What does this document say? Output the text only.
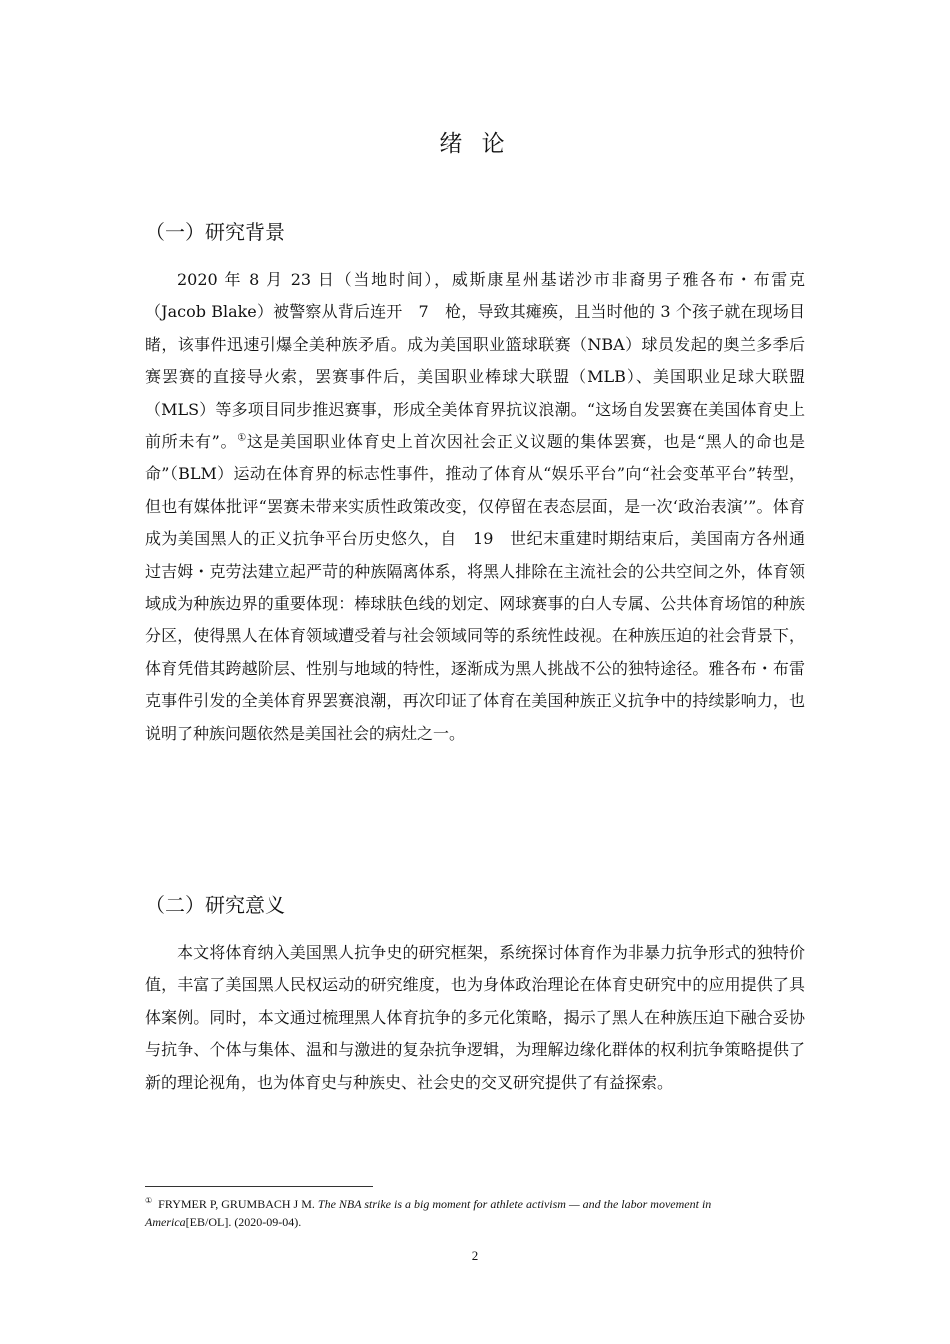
绪 论
（一）研究背景

2020 年 8 月 23 日（当地时间），威斯康星州基诺沙市非裔男子雅各布・布雷克（Jacob Blake）被警察从背后连开　7　枪，导致其瘫痪，且当时他的 3 个孩子就在现场目睹，该事件迅速引爆全美种族矛盾。成为美国职业篮球联赛（NBA）球员发起的奥兰多季后赛罢赛的直接导火索，罢赛事件后，美国职业棒球大联盟（MLB）、美国职业足球大联盟（MLS）等多项目同步推迟赛事，形成全美体育界抗议浪潮。“这场自发罢赛在美国体育史上前所未有”。①这是美国职业体育史上首次因社会正义议题的集体罢赛，也是“黑人的命也是命”（BLM）运动在体育界的标志性事件，推动了体育从“娱乐平台”向“社会变革平台”转型，但也有媒体批评“罢赛未带来实质性政策改变，仅停留在表态层面，是一次‘政治表演’”。体育成为美国黑人的正义抗争平台历史悠久，自　19　世纪末重建时期结束后，美国南方各州通过吉姆・克劳法建立起严苛的种族隔离体系，将黑人排除在主流社会的公共空间之外，体育领域成为种族边界的重要体现：棒球肤色线的划定、网球赛事的白人专属、公共体育场馆的种族分区，使得黑人在体育领域遭受着与社会领域同等的系统性歧视。在种族压迫的社会背景下，体育凭借其跨越阶层、性别与地域的特性，逐渐成为黑人挑战不公的独特途径。雅各布・布雷克事件引发的全美体育界罢赛浪潮，再次印证了体育在美国种族正义抗争中的持续影响力，也说明了种族问题依然是美国社会的病灶之一。

（二）研究意义

本文将体育纳入美国黑人抗争史的研究框架，系统探讨体育作为非暴力抗争形式的独特价值，丰富了美国黑人民权运动的研究维度，也为身体政治理论在体育史研究中的应用提供了具体案例。同时，本文通过梳理黑人体育抗争的多元化策略，揭示了黑人在种族压迫下融合妥协与抗争、个体与集体、温和与激进的复杂抗争逻辑，为理解边缘化群体的权利抗争策略提供了新的理论视角，也为体育史与种族史、社会史的交叉研究提供了有益探索。

① FRYMER P, GRUMBACH J M. The NBA strike is a big moment for athlete activism — and the labor movement in America[EB/OL]. (2020-09-04).
2
